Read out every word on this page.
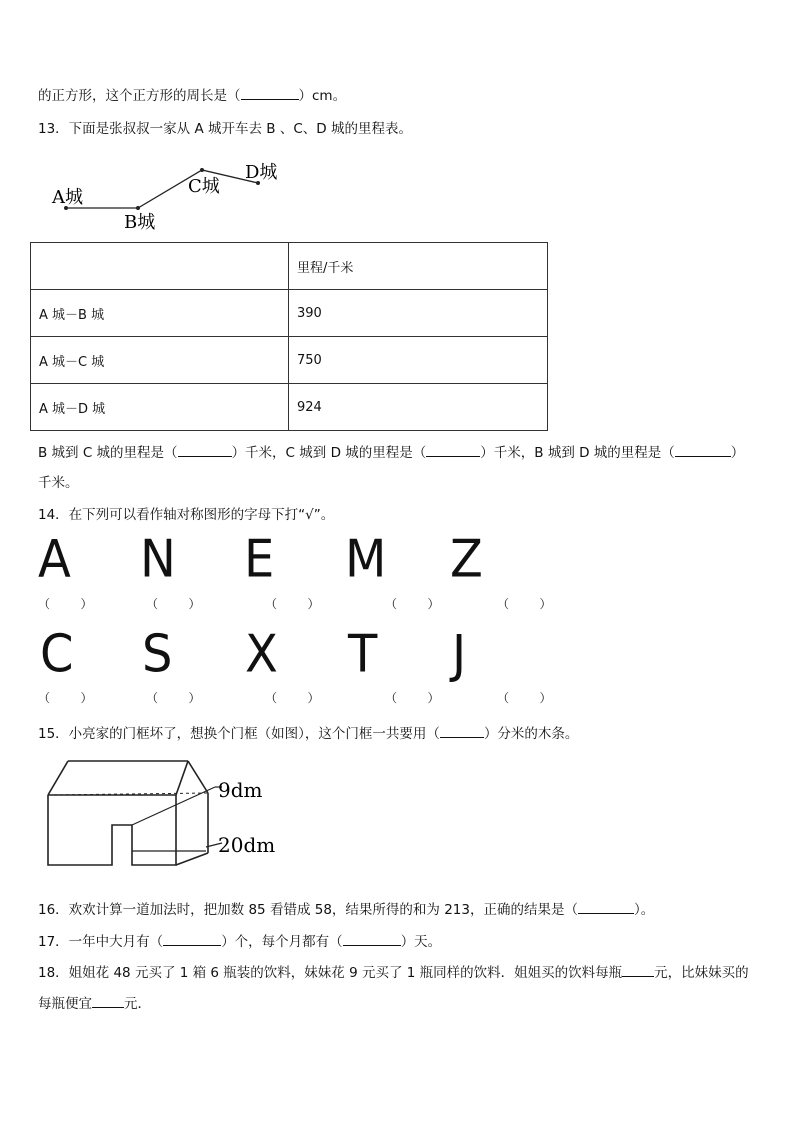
的正方形，这个正方形的周长是（	）cm。
13．下面是张叔叔一家从 A 城开车去 B 、C、D 城的里程表。
A城
B城
C城
D城
	里程/千米
A 城－B 城	390
A 城－C 城	750
A 城－D 城	924
B 城到 C 城的里程是（	）千米，C 城到 D 城的里程是（	）千米，B 城到 D 城的里程是（	）
千米。
14．在下列可以看作轴对称图形的字母下打“√”。
A N E M Z
（        ）	（        ）	（        ）	（        ）	（        ）
C S X T J
（        ）	（        ）	（        ）	（        ）	（        ）
15．小亮家的门框坏了，想换个门框（如图），这个门框一共要用（	）分米的木条。
9dm
20dm
16．欢欢计算一道加法时，把加数 85 看错成 58，结果所得的和为 213，正确的结果是（	）。
17．一年中大月有（	）个，每个月都有（	）天。
18．姐姐花 48 元买了 1 箱 6 瓶装的饮料，妹妹花 9 元买了 1 瓶同样的饮料．姐姐买的饮料每瓶 元，比妹妹买的
每瓶便宜 元．
